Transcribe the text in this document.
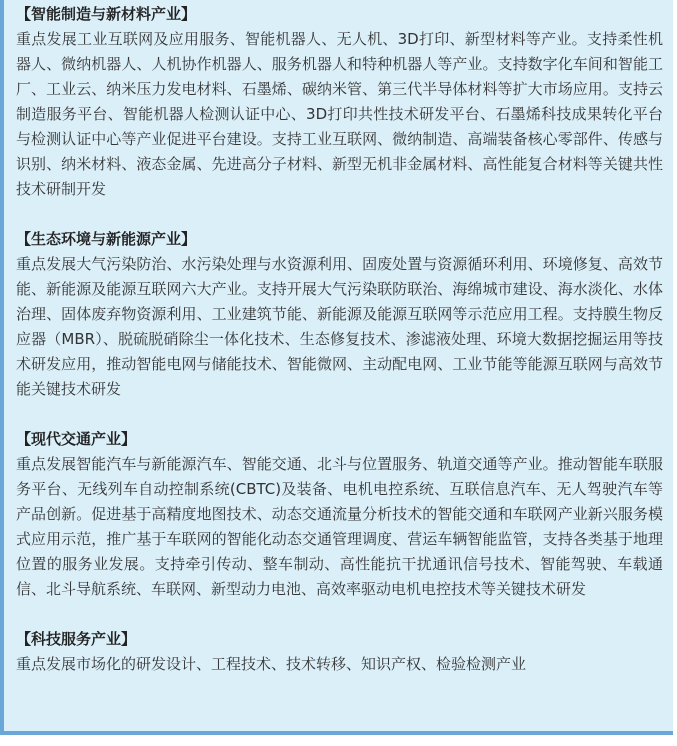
【智能制造与新材料产业】
重点发展工业互联网及应用服务、智能机器人、无人机、3D打印、新型材料等产业。支持柔性机器人、微纳机器人、人机协作机器人、服务机器人和特种机器人等产业。支持数字化车间和智能工厂、工业云、纳米压力发电材料、石墨烯、碳纳米管、第三代半导体材料等扩大市场应用。支持云制造服务平台、智能机器人检测认证中心、3D打印共性技术研发平台、石墨烯科技成果转化平台与检测认证中心等产业促进平台建设。支持工业互联网、微纳制造、高端装备核心零部件、传感与识别、纳米材料、液态金属、先进高分子材料、新型无机非金属材料、高性能复合材料等关键共性技术研制开发
【生态环境与新能源产业】
重点发展大气污染防治、水污染处理与水资源利用、固废处置与资源循环利用、环境修复、高效节能、新能源及能源互联网六大产业。支持开展大气污染联防联治、海绵城市建设、海水淡化、水体治理、固体废弃物资源利用、工业建筑节能、新能源及能源互联网等示范应用工程。支持膜生物反应器（MBR）、脱硫脱硝除尘一体化技术、生态修复技术、渗滤液处理、环境大数据挖掘运用等技术研发应用，推动智能电网与储能技术、智能微网、主动配电网、工业节能等能源互联网与高效节能关键技术研发
【现代交通产业】
重点发展智能汽车与新能源汽车、智能交通、北斗与位置服务、轨道交通等产业。推动智能车联服务平台、无线列车自动控制系统(CBTC)及装备、电机电控系统、互联信息汽车、无人驾驶汽车等产品创新。促进基于高精度地图技术、动态交通流量分析技术的智能交通和车联网产业新兴服务模式应用示范，推广基于车联网的智能化动态交通管理调度、营运车辆智能监管，支持各类基于地理位置的服务业发展。支持牵引传动、整车制动、高性能抗干扰通讯信号技术、智能驾驶、车载通信、北斗导航系统、车联网、新型动力电池、高效率驱动电机电控技术等关键技术研发
【科技服务产业】
重点发展市场化的研发设计、工程技术、技术转移、知识产权、检验检测产业
